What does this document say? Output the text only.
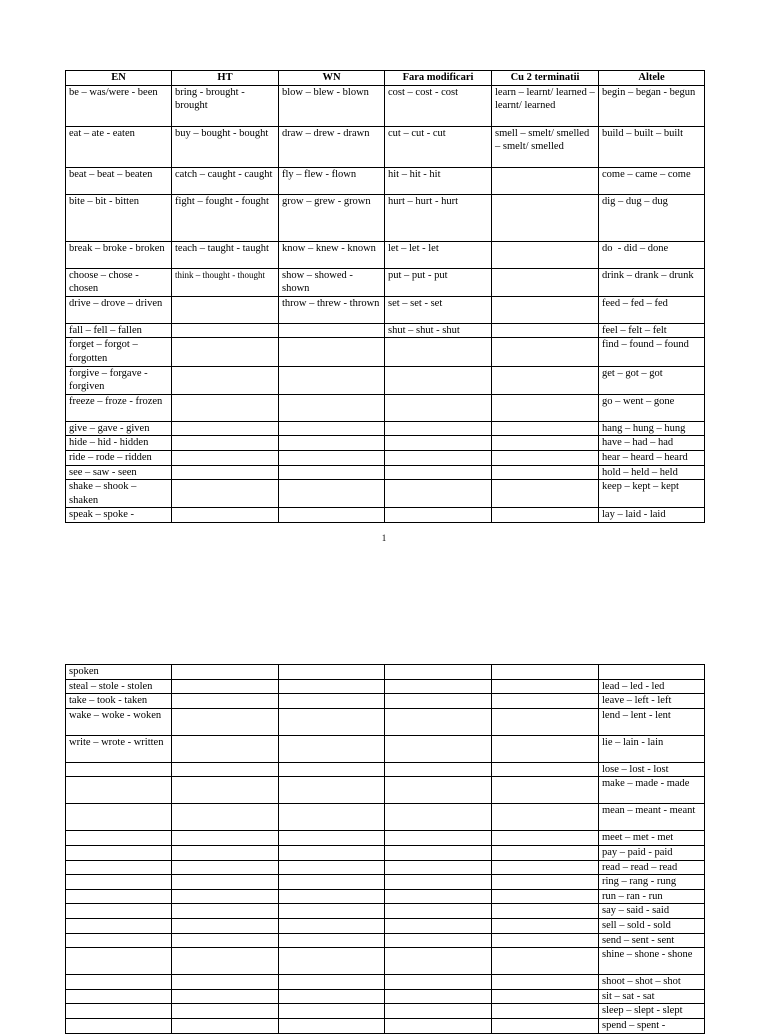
EN	HT	WN	Fara modificari	Cu 2 terminatii	Altele
be – was/were - been	bring - brought - brought	blow – blew - blown	cost – cost - cost	learn – learnt/ learned – learnt/ learned	begin – began - begun
eat – ate - eaten	buy – bought - bought	draw – drew - drawn	cut – cut - cut	smell – smelt/ smelled – smelt/ smelled	build – built – built
beat – beat – beaten	catch – caught - caught	fly – flew - flown	hit – hit - hit		come – came – come
bite – bit - bitten	fight – fought - fought	grow – grew - grown	hurt – hurt - hurt		dig – dug – dug
break – broke - broken	teach – taught - taught	know – knew - known	let – let - let		do  - did – done
choose – chose - chosen	think – thought - thought	show – showed - shown	put – put - put		drink – drank – drunk
drive – drove – driven		throw – threw - thrown	set – set - set		feed – fed – fed
fall – fell – fallen			shut – shut - shut		feel – felt – felt
forget – forgot – forgotten					find – found – found
forgive – forgave - forgiven					get – got – got
freeze – froze - frozen					go – went – gone
give – gave - given					hang – hung – hung
hide – hid - hidden					have – had – had
ride – rode – ridden					hear – heard – heard
see – saw - seen					hold – held – held
shake – shook – shaken					keep – kept – kept
speak – spoke -					lay – laid - laid
1
spoken					
steal – stole - stolen					lead – led - led
take – took - taken					leave – left - left
wake – woke - woken					lend – lent - lent
write – wrote - written					lie – lain - lain
					lose – lost - lost
					make – made - made
					mean – meant - meant
					meet – met - met
					pay – paid - paid
					read – read – read
					ring – rang - rung
					run – ran - run
					say – said - said
					sell – sold - sold
					send – sent - sent
					shine – shone - shone
					shoot – shot – shot
					sit – sat - sat
					sleep – slept - slept
					spend – spent -
